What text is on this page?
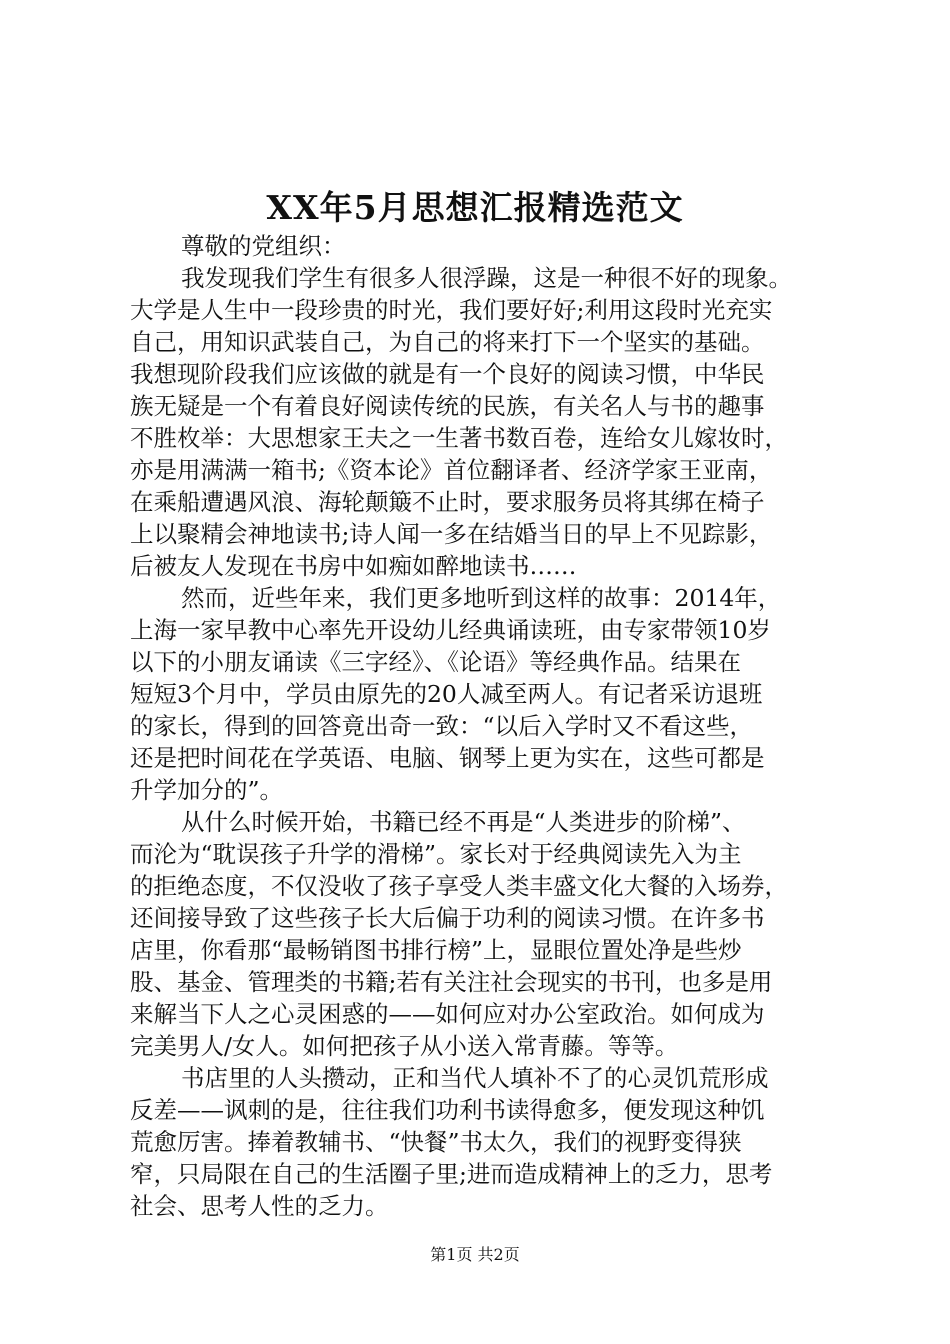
XX年5月思想汇报精选范文
尊敬的党组织：
我发现我们学生有很多人很浮躁，这是一种很不好的现象。
大学是人生中一段珍贵的时光，我们要好好;利用这段时光充实
自己，用知识武装自己，为自己的将来打下一个坚实的基础。
我想现阶段我们应该做的就是有一个良好的阅读习惯，中华民
族无疑是一个有着良好阅读传统的民族，有关名人与书的趣事
不胜枚举：大思想家王夫之一生著书数百卷，连给女儿嫁妆时，
亦是用满满一箱书;《资本论》首位翻译者、经济学家王亚南，
在乘船遭遇风浪、海轮颠簸不止时，要求服务员将其绑在椅子
上以聚精会神地读书;诗人闻一多在结婚当日的早上不见踪影，
后被友人发现在书房中如痴如醉地读书……
然而，近些年来，我们更多地听到这样的故事：2014年，
上海一家早教中心率先开设幼儿经典诵读班，由专家带领10岁
以下的小朋友诵读《三字经》、《论语》等经典作品。结果在
短短3个月中，学员由原先的20人减至两人。有记者采访退班
的家长，得到的回答竟出奇一致：“以后入学时又不看这些，
还是把时间花在学英语、电脑、钢琴上更为实在，这些可都是
升学加分的”。
从什么时候开始，书籍已经不再是“人类进步的阶梯”、
而沦为“耽误孩子升学的滑梯”。家长对于经典阅读先入为主
的拒绝态度，不仅没收了孩子享受人类丰盛文化大餐的入场券，
还间接导致了这些孩子长大后偏于功利的阅读习惯。在许多书
店里，你看那“最畅销图书排行榜”上，显眼位置处净是些炒
股、基金、管理类的书籍;若有关注社会现实的书刊，也多是用
来解当下人之心灵困惑的——如何应对办公室政治。如何成为
完美男人/女人。如何把孩子从小送入常青藤。等等。
书店里的人头攒动，正和当代人填补不了的心灵饥荒形成
反差——讽刺的是，往往我们功利书读得愈多，便发现这种饥
荒愈厉害。捧着教辅书、“快餐”书太久，我们的视野变得狭
窄，只局限在自己的生活圈子里;进而造成精神上的乏力，思考
社会、思考人性的乏力。
第1页 共2页
